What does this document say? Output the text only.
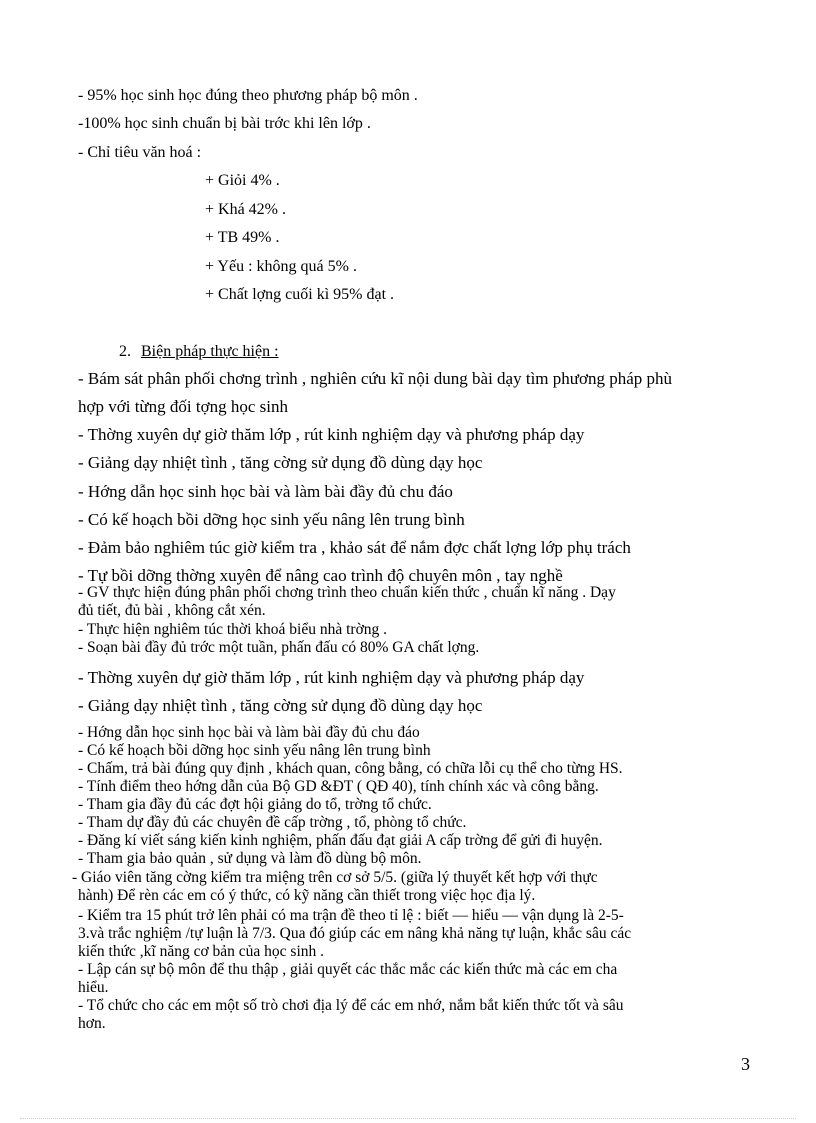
- 95% học sinh học đúng theo phương pháp bộ môn .
-100% học sinh chuẩn bị bài trớc khi lên lớp .
- Chỉ tiêu văn hoá :
+ Giỏi 4% .
+ Khá 42% .
+ TB 49% .
+ Yếu : không quá 5% .
+ Chất lợng cuối kì 95% đạt .
2. Biện pháp thực hiện :
- Bám sát phân phối chơng trình , nghiên cứu kĩ nội dung bài dạy tìm phương pháp phù
hợp với từng đối tợng học sinh
- Thờng xuyên dự giờ thăm lớp , rút kinh nghiệm dạy và phương pháp dạy
- Giảng dạy nhiệt tình , tăng cờng sử dụng đồ dùng dạy học
- Hớng dẫn học sinh học bài và làm bài đầy đủ chu đáo
- Có kế hoạch bồi dỡng học sinh yếu nâng lên trung bình
- Đảm bảo nghiêm túc giờ kiểm tra , khảo sát để nắm đợc chất lợng lớp phụ trách
- Tự bồi dỡng thờng xuyên để nâng cao trình độ chuyên môn , tay nghề
- GV thực hiện đúng phân phối chơng trình theo chuẩn kiến thức , chuẩn kĩ năng . Dạy
đủ tiết, đủ bài , không cắt xén.
- Thực hiện nghiêm túc thời khoá biểu nhà trờng .
- Soạn bài đầy đủ trớc một tuần, phấn đấu có 80% GA chất lợng.
- Thờng xuyên dự giờ thăm lớp , rút kinh nghiệm dạy và phương pháp dạy
- Giảng dạy nhiệt tình , tăng cờng sử dụng đồ dùng dạy học
- Hớng dẫn học sinh học bài và làm bài đầy đủ chu đáo
- Có kế hoạch bồi dỡng học sinh yếu nâng lên trung bình
- Chấm, trả bài đúng quy định , khách quan, công bằng, có chữa lỗi cụ thể cho từng HS.
- Tính điểm theo hớng dẫn của Bộ GD &ĐT ( QĐ 40), tính chính xác và công bằng.
- Tham gia đầy đủ các đợt hội giảng do tổ, trờng tổ chức.
- Tham dự đầy đủ các chuyên đề cấp trờng , tổ, phòng tổ chức.
- Đăng kí viết sáng kiến kinh nghiệm, phấn đấu đạt giải A cấp trờng để gửi đi huyện.
- Tham gia bảo quản , sử dụng và làm đồ dùng bộ môn.
- Giáo viên tăng cờng kiểm tra miệng trên cơ sở 5/5. (giữa lý thuyết kết hợp với thực
hành) Để rèn các em có ý thức, có kỹ năng cần thiết trong việc học địa lý.
- Kiểm tra 15 phút trở lên phải có ma trận đề theo tỉ lệ : biết — hiểu — vận dụng là 2-5-
3.và trắc nghiệm /tự luận là 7/3. Qua đó giúp các em nâng khả năng tự luận, khắc sâu các
kiến thức ,kĩ năng cơ bản của học sinh .
- Lập cán sự bộ môn để thu thập , giải quyết các thắc mắc các kiến thức mà các em cha
hiểu.
- Tổ chức cho các em một số trò chơi địa lý để các em nhớ, nắm bắt kiến thức tốt và sâu
hơn.
3
